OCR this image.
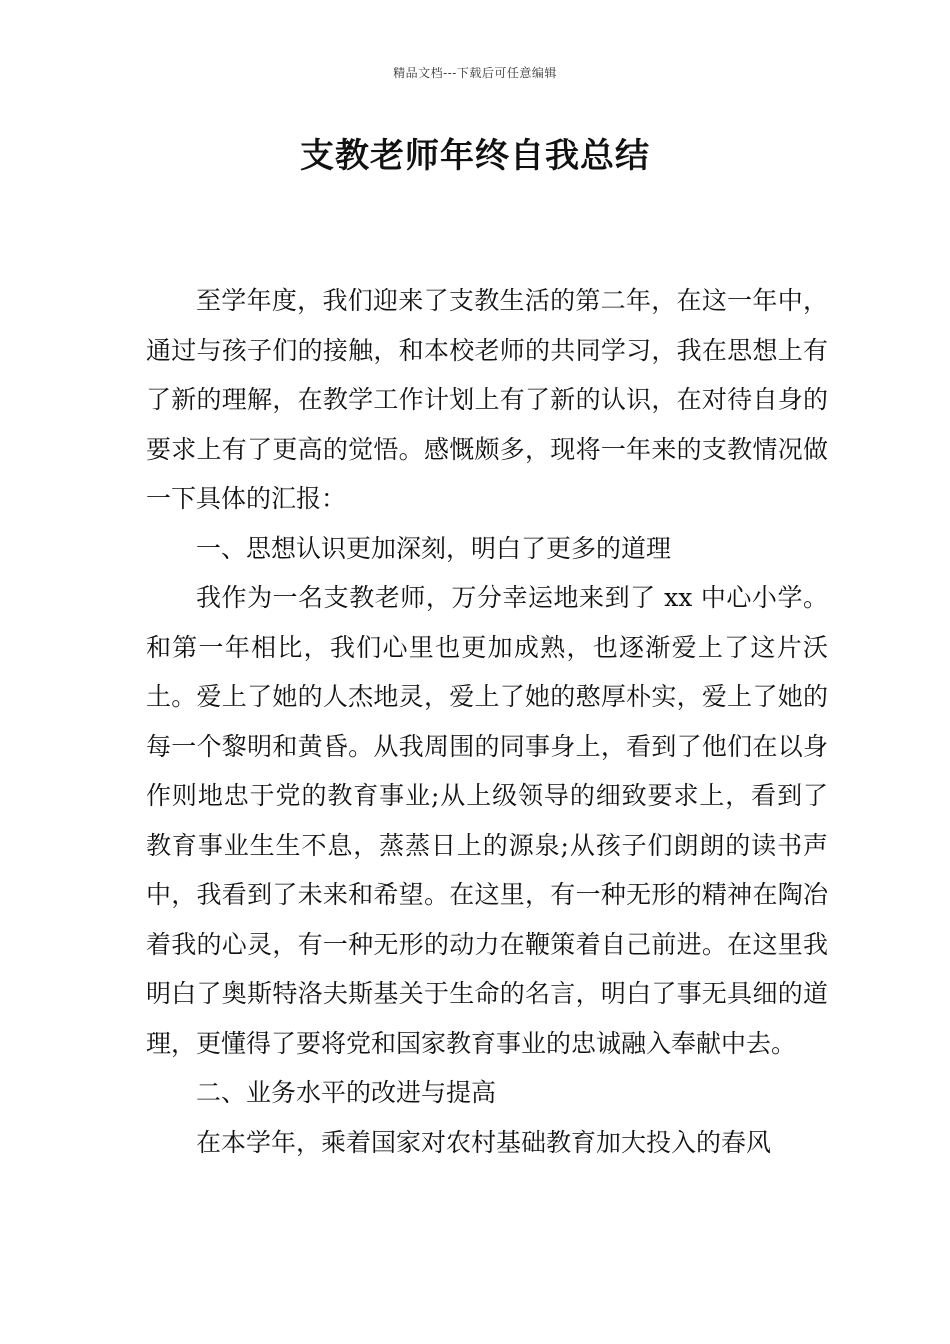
精品文档---下载后可任意编辑
支教老师年终自我总结

至学年度，我们迎来了支教生活的第二年，在这一年中，通过与孩子们的接触，和本校老师的共同学习，我在思想上有了新的理解，在教学工作计划上有了新的认识，在对待自身的要求上有了更高的觉悟。感慨颇多，现将一年来的支教情况做一下具体的汇报：

一、思想认识更加深刻，明白了更多的道理

我作为一名支教老师，万分幸运地来到了 xx 中心小学。和第一年相比，我们心里也更加成熟，也逐渐爱上了这片沃土。爱上了她的人杰地灵，爱上了她的憨厚朴实，爱上了她的每一个黎明和黄昏。从我周围的同事身上，看到了他们在以身作则地忠于党的教育事业;从上级领导的细致要求上，看到了教育事业生生不息，蒸蒸日上的源泉;从孩子们朗朗的读书声中，我看到了未来和希望。在这里，有一种无形的精神在陶冶着我的心灵，有一种无形的动力在鞭策着自己前进。在这里我明白了奥斯特洛夫斯基关于生命的名言，明白了事无具细的道理，更懂得了要将党和国家教育事业的忠诚融入奉献中去。

二、业务水平的改进与提高

在本学年，乘着国家对农村基础教育加大投入的春风
